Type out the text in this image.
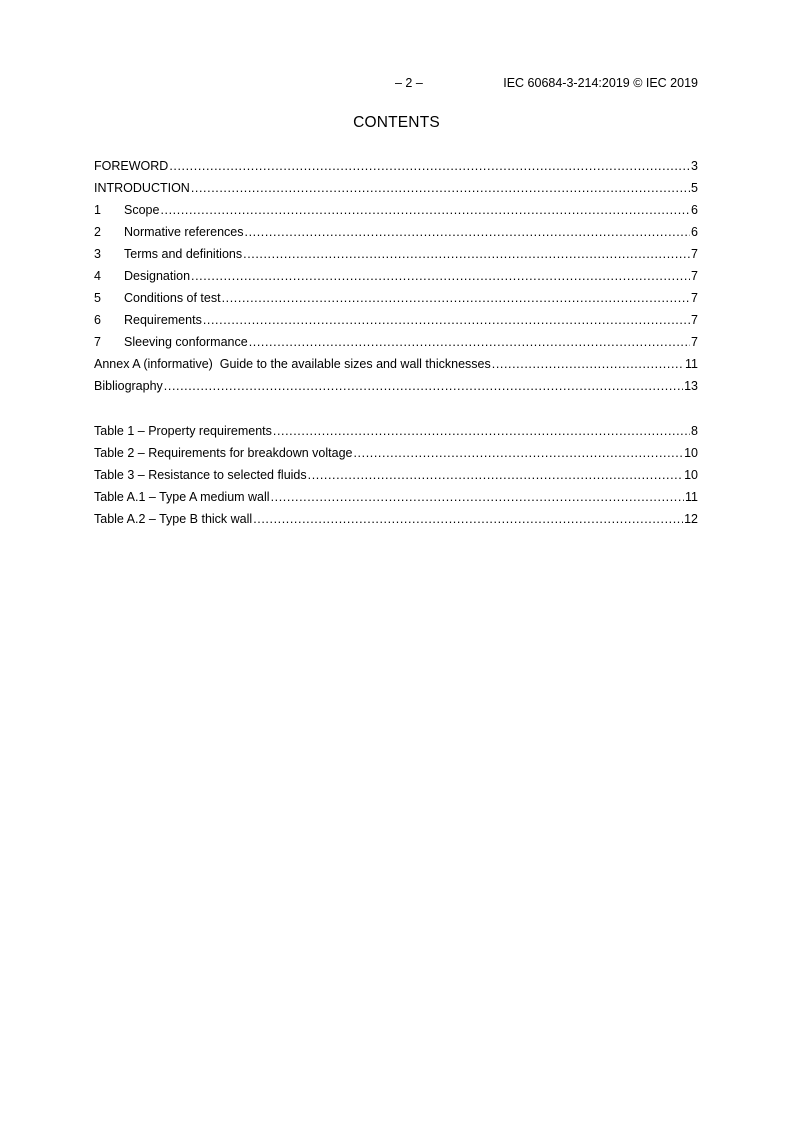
– 2 –	IEC 60684-3-214:2019 © IEC 2019
CONTENTS
FOREWORD .....	3
INTRODUCTION .....	5
1	Scope .....	6
2	Normative references .....	6
3	Terms and definitions .....	7
4	Designation .....	7
5	Conditions of test .....	7
6	Requirements .....	7
7	Sleeving conformance .....	7
Annex A (informative)  Guide to the available sizes and wall thicknesses .....	11
Bibliography .....	13
Table 1 – Property requirements .....	8
Table 2 – Requirements for breakdown voltage .....	10
Table 3 – Resistance to selected fluids .....	10
Table A.1 – Type A medium wall .....	11
Table A.2 – Type B thick wall .....	12
